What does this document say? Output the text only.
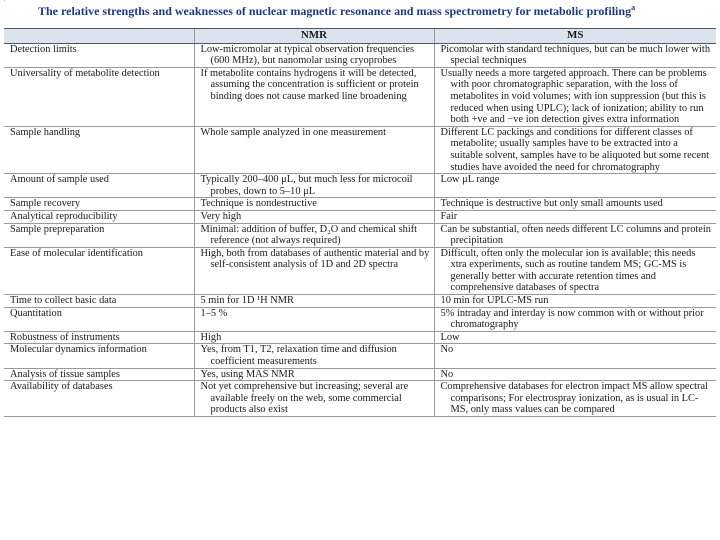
'
The relative strengths and weaknesses of nuclear magnetic resonance and mass spectrometry for metabolic profiling$^a$
	NMR	MS

Detection limits	Low-micromolar at typical observation frequencies (600 MHz), but nanomolar using cryoprobes	Picomolar with standard techniques, but can be much lower with special techniques

Universality of metabolite detection	If metabolite contains hydrogens it will be detected, assuming the concentration is sufficient or protein binding does not cause marked line broadening	Usually needs a more targeted approach. There can be problems with poor chromatographic separation, with the loss of metabolites in void volumes; with ion suppression (but this is reduced when using UPLC); lack of ionization; ability to run both +ve and −ve ion detection gives extra information

Sample handling	Whole sample analyzed in one measurement	Different LC packings and conditions for different classes of metabolite; usually samples have to be extracted into a suitable solvent, samples have to be aliquoted but some recent studies have avoided the need for chromatography

Amount of sample used	Typically 200–400 μL, but much less for microcoil probes, down to 5–10 μL	Low μL range

Sample recovery	Technique is nondestructive	Technique is destructive but only small amounts used

Analytical reproducibility	Very high	Fair

Sample prepreparation	Minimal: addition of buffer, D₂O and chemical shift reference (not always required)	Can be substantial, often needs different LC columns and protein precipitation

Ease of molecular identification	High, both from databases of authentic material and by self-consistent analysis of 1D and 2D spectra	Difficult, often only the molecular ion is available; this needs xtra experiments, such as routine tandem MS; GC-MS is generally better with accurate retention times and comprehensive databases of spectra

Time to collect basic data	5 min for 1D ¹H NMR	10 min for UPLC-MS run

Quantitation	1–5 %	5% intraday and interday is now common with or without prior chromatography

Robustness of instruments	High	Low

Molecular dynamics information	Yes, from T1, T2, relaxation time and diffusion coefficient measurements	No

Analysis of tissue samples	Yes, using MAS NMR	No

Availability of databases	Not yet comprehensive but increasing; several are available freely on the web, some commercial products also exist	Comprehensive databases for electron impact MS allow spectral comparisons; For electrospray ionization, as is usual in LC-MS, only mass values can be compared
